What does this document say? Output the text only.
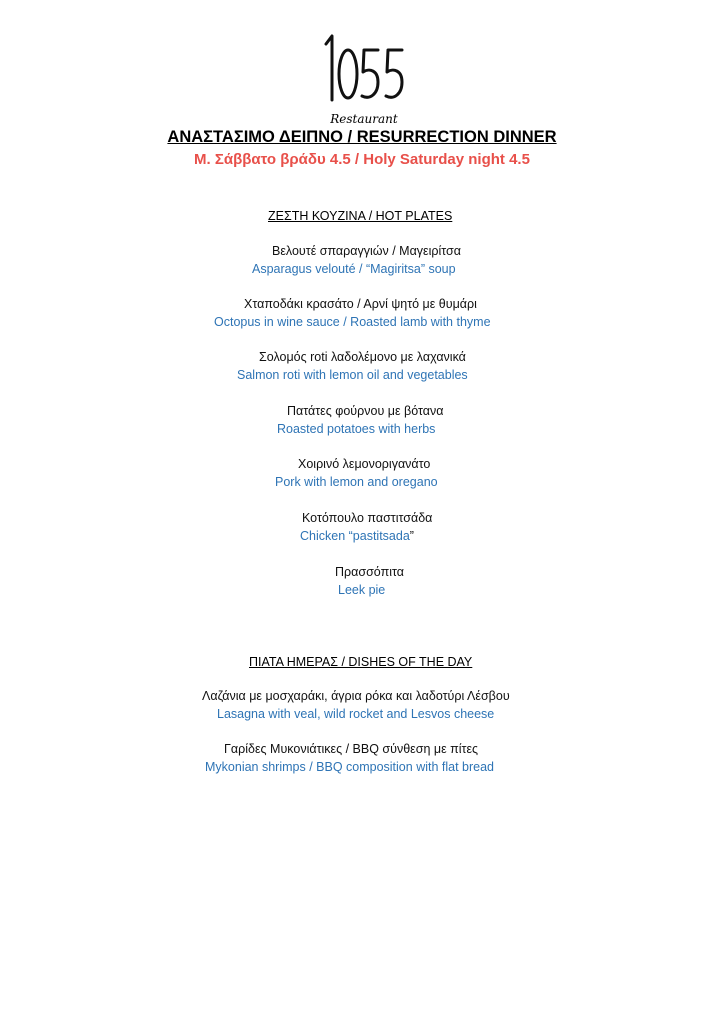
Restaurant
ΑΝΑΣΤΑΣΙΜΟ ΔΕΙΠΝΟ / RESURRECTION DINNER
Μ. Σάββατο βράδυ 4.5 / Holy Saturday night 4.5
ΖΕΣΤΗ ΚΟΥΖΙΝΑ / HOT PLATES
Βελουτέ σπαραγγιών / Μαγειρίτσα
Asparagus velouté / “Magiritsa” soup
Χταποδάκι κρασάτο / Αρνί ψητό με θυμάρι
Octopus in wine sauce / Roasted lamb with thyme
Σολομός roti λαδολέμονο με λαχανικά
Salmon roti with lemon oil and vegetables
Πατάτες φούρνου με βότανα
Roasted potatoes with herbs
Χοιρινό λεμονοριγανάτο
Pork with lemon and oregano
Κοτόπουλο παστιτσάδα
Chicken “pastitsada”
Πρασσόπιτα
Leek pie
ΠΙΑΤΑ ΗΜΕΡΑΣ / DISHES OF THE DAY
Λαζάνια με μοσχαράκι, άγρια ρόκα και λαδοτύρι Λέσβου
Lasagna with veal, wild rocket and Lesvos cheese
Γαρίδες Μυκονιάτικες / BBQ σύνθεση με πίτες
Mykonian shrimps / BBQ composition with flat bread
